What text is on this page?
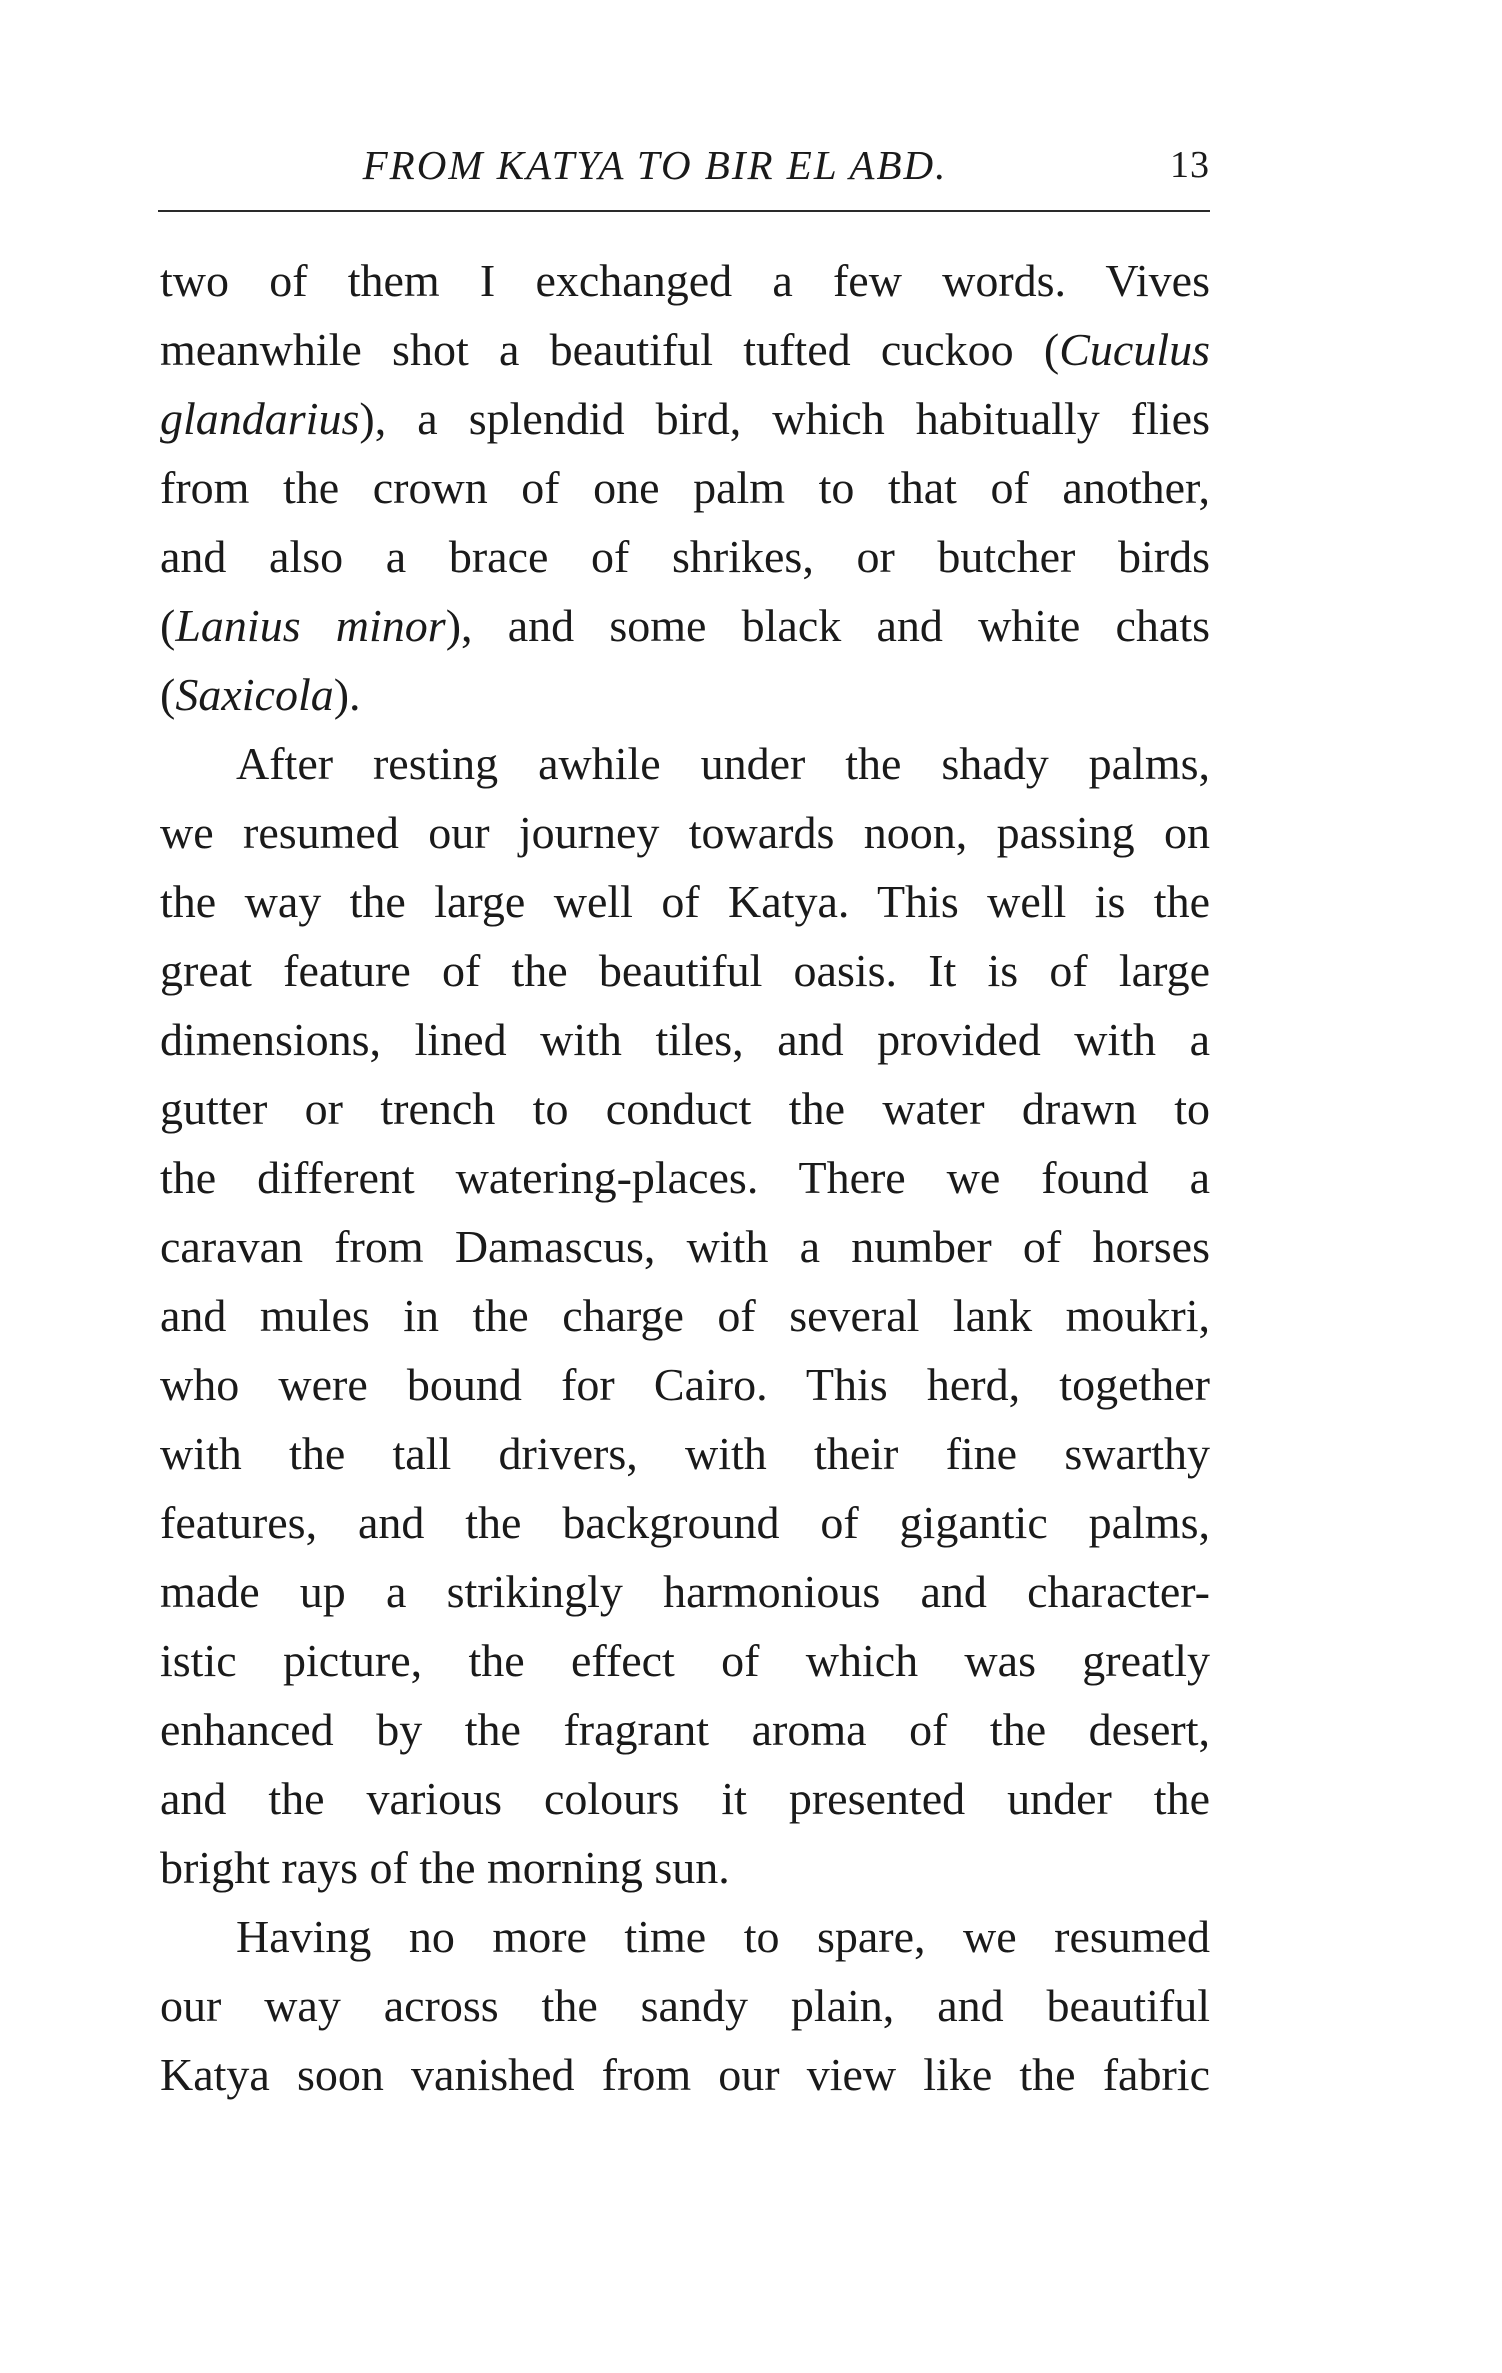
FROM KATYA TO BIR EL ABD.	13
two of them I exchanged a few words. Vives
meanwhile shot a beautiful tufted cuckoo (Cuculus
glandarius), a splendid bird, which habitually flies
from the crown of one palm to that of another,
and also a brace of shrikes, or butcher birds
(Lanius minor), and some black and white chats
(Saxicola).
After resting awhile under the shady palms,
we resumed our journey towards noon, passing on
the way the large well of Katya. This well is the
great feature of the beautiful oasis. It is of large
dimensions, lined with tiles, and provided with a
gutter or trench to conduct the water drawn to
the different watering-places. There we found a
caravan from Damascus, with a number of horses
and mules in the charge of several lank moukri,
who were bound for Cairo. This herd, together
with the tall drivers, with their fine swarthy
features, and the background of gigantic palms,
made up a strikingly harmonious and character-
istic picture, the effect of which was greatly
enhanced by the fragrant aroma of the desert,
and the various colours it presented under the
bright rays of the morning sun.
Having no more time to spare, we resumed
our way across the sandy plain, and beautiful
Katya soon vanished from our view like the fabric
